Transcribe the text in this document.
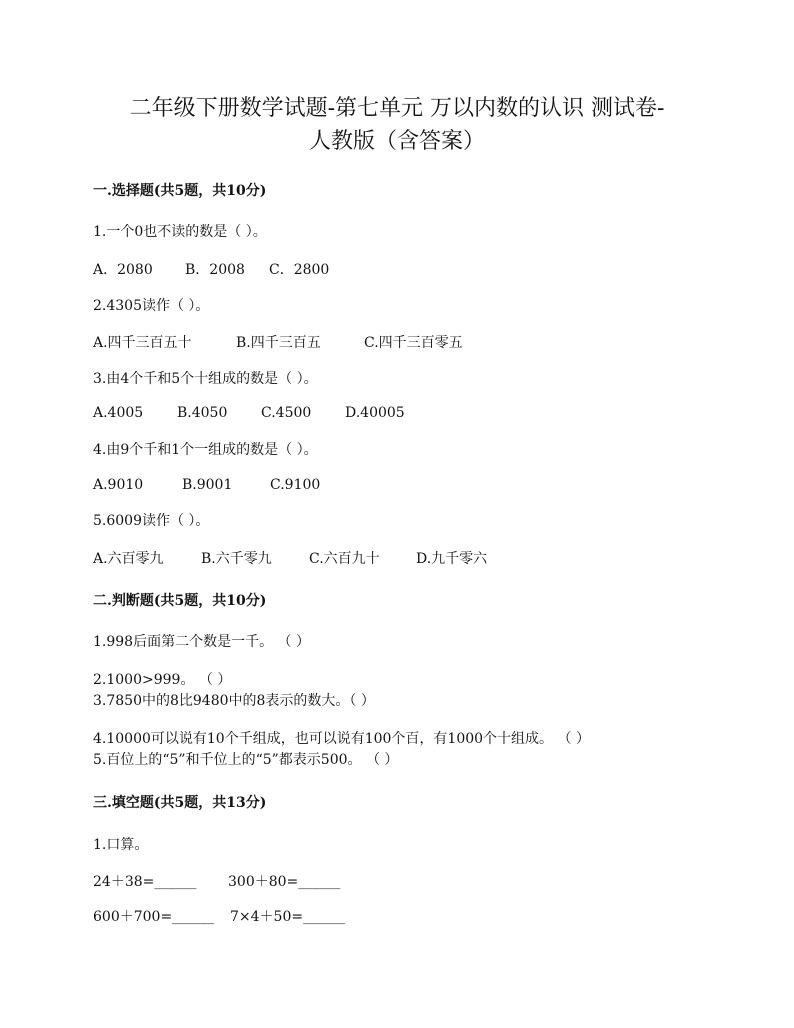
二年级下册数学试题-第七单元 万以内数的认识 测试卷-
人教版（含答案）
一.选择题(共5题，共10分)
1.一个0也不读的数是（ ）。
A．2080 B．2008 C．2800
2.4305读作（ ）。
A.四千三百五十	B.四千三百五	C.四千三百零五
3.由4个千和5个十组成的数是（ ）。
A.4005 B.4050 C.4500 D.40005
4.由9个千和1个一组成的数是（ ）。
A.9010	B.9001	C.9100
5.6009读作（ ）。
A.六百零九	B.六千零九	C.六百九十	D.九千零六
二.判断题(共5题，共10分)
1.998后面第二个数是一千。 （ ）
2.1000>999。 （ ）
3.7850中的8比9480中的8表示的数大。（ ）
4.10000可以说有10个千组成，也可以说有100个百，有1000个十组成。 （ ）
5.百位上的“5”和千位上的“5”都表示500。 （ ）
三.填空题(共5题，共13分)
1.口算。
24＋38=______ 300＋80=______
600＋700=______ 7×4＋50=______
